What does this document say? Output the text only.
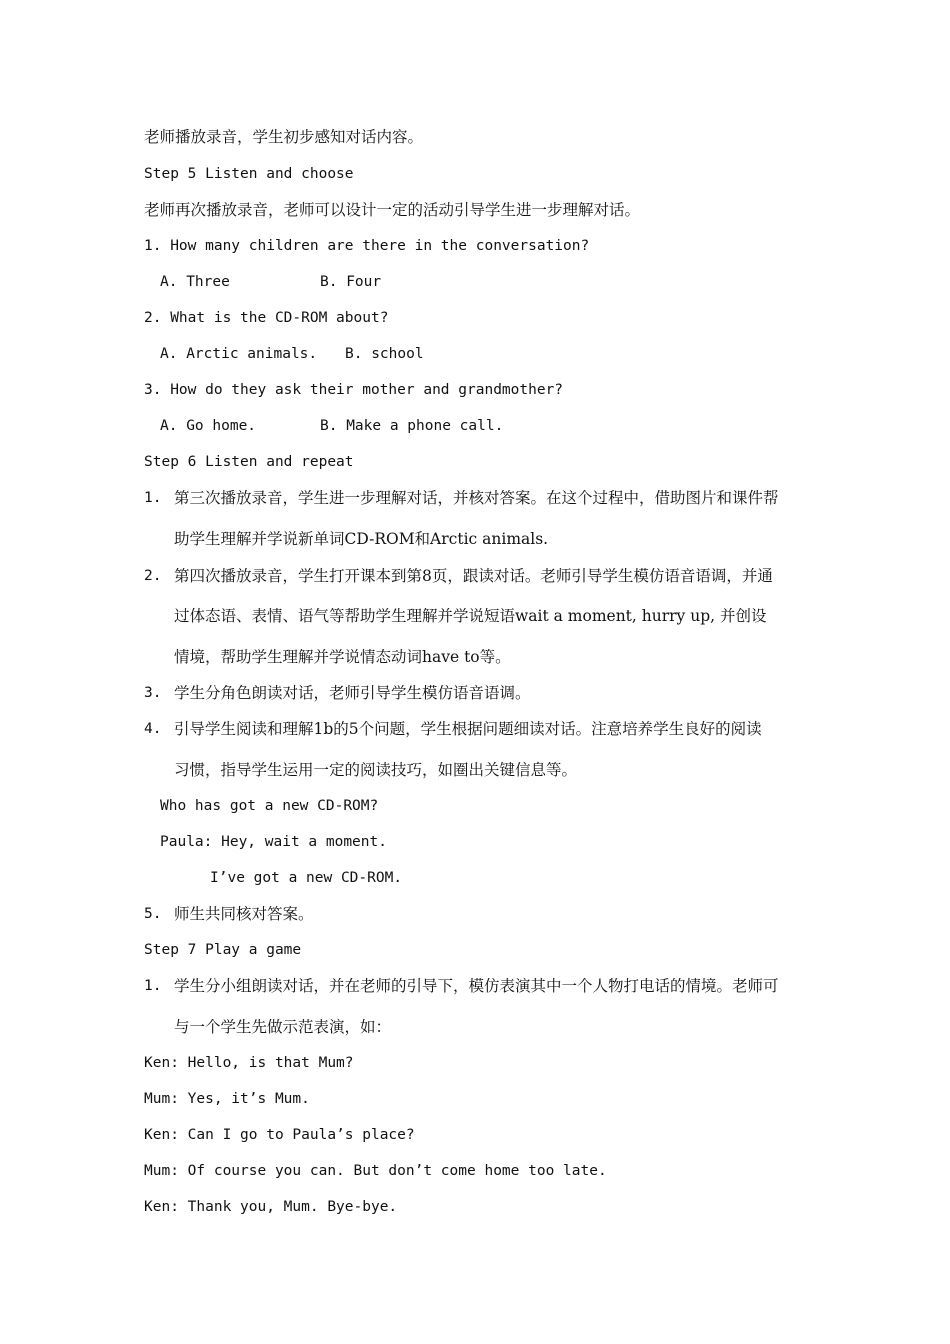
老师播放录音，学生初步感知对话内容。
Step 5 Listen and choose
老师再次播放录音，老师可以设计一定的活动引导学生进一步理解对话。
1. How many children are there in the conversation?
A. Three	B. Four
2. What is the CD-ROM about?
A. Arctic animals. B. school
3. How do they ask their mother and grandmother?
A. Go home.	B. Make a phone call.
Step 6 Listen and repeat
1. 第三次播放录音，学生进一步理解对话，并核对答案。在这个过程中，借助图片和课件帮
助学生理解并学说新单词CD-ROM和Arctic animals.
2. 第四次播放录音，学生打开课本到第8页，跟读对话。老师引导学生模仿语音语调，并通
过体态语、表情、语气等帮助学生理解并学说短语wait a moment, hurry up, 并创设
情境，帮助学生理解并学说情态动词have to等。
3. 学生分角色朗读对话，老师引导学生模仿语音语调。
4. 引导学生阅读和理解1b的5个问题，学生根据问题细读对话。注意培养学生良好的阅读
习惯，指导学生运用一定的阅读技巧，如圈出关键信息等。
Who has got a new CD-ROM?
Paula: Hey, wait a moment.
I’ve got a new CD-ROM.
5. 师生共同核对答案。
Step 7 Play a game
1. 学生分小组朗读对话，并在老师的引导下，模仿表演其中一个人物打电话的情境。老师可
与一个学生先做示范表演，如：
Ken: Hello, is that Mum?
Mum: Yes, it’s Mum.
Ken: Can I go to Paula’s place?
Mum: Of course you can. But don’t come home too late.
Ken: Thank you, Mum. Bye-bye.
